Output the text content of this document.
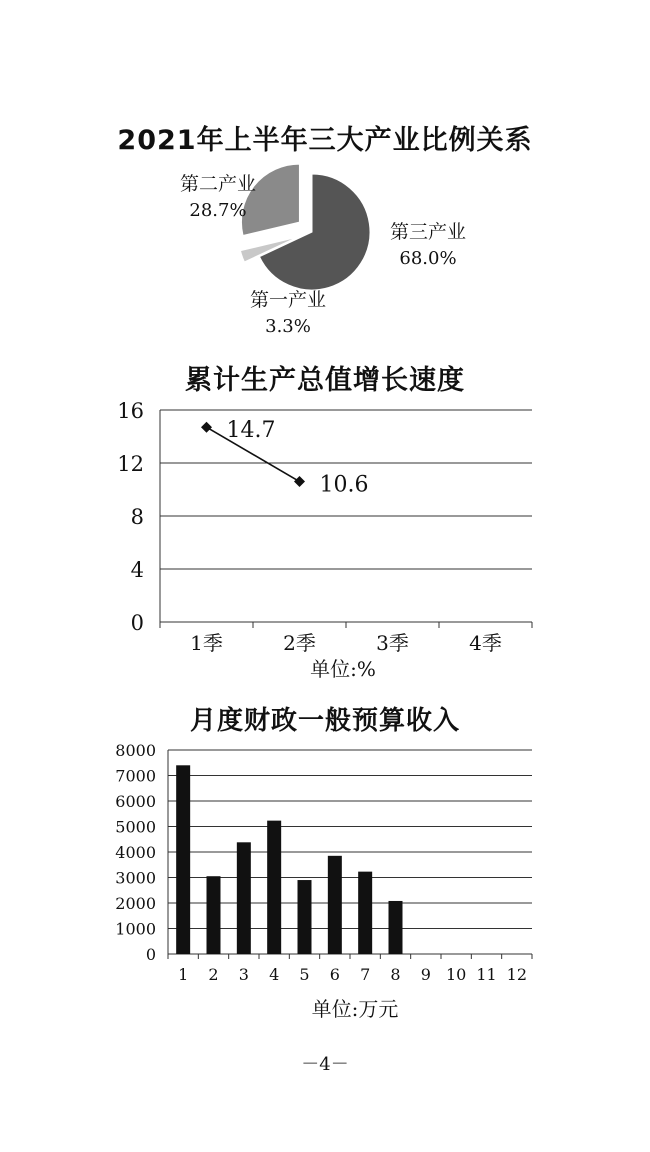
2021年上半年三大产业比例关系
第三产业
68.0%
第一产业
3.3%
第二产业
28.7%
累计生产总值增长速度
0
4
8
12
16
1季	2季	3季	4季
14.7
10.6
单位:%
月度财政一般预算收入
0
1000
2000
3000
4000
5000
6000
7000
8000
1 2 3 4 5 6 7 8 9 10 11 12
单位:万元
－4－
